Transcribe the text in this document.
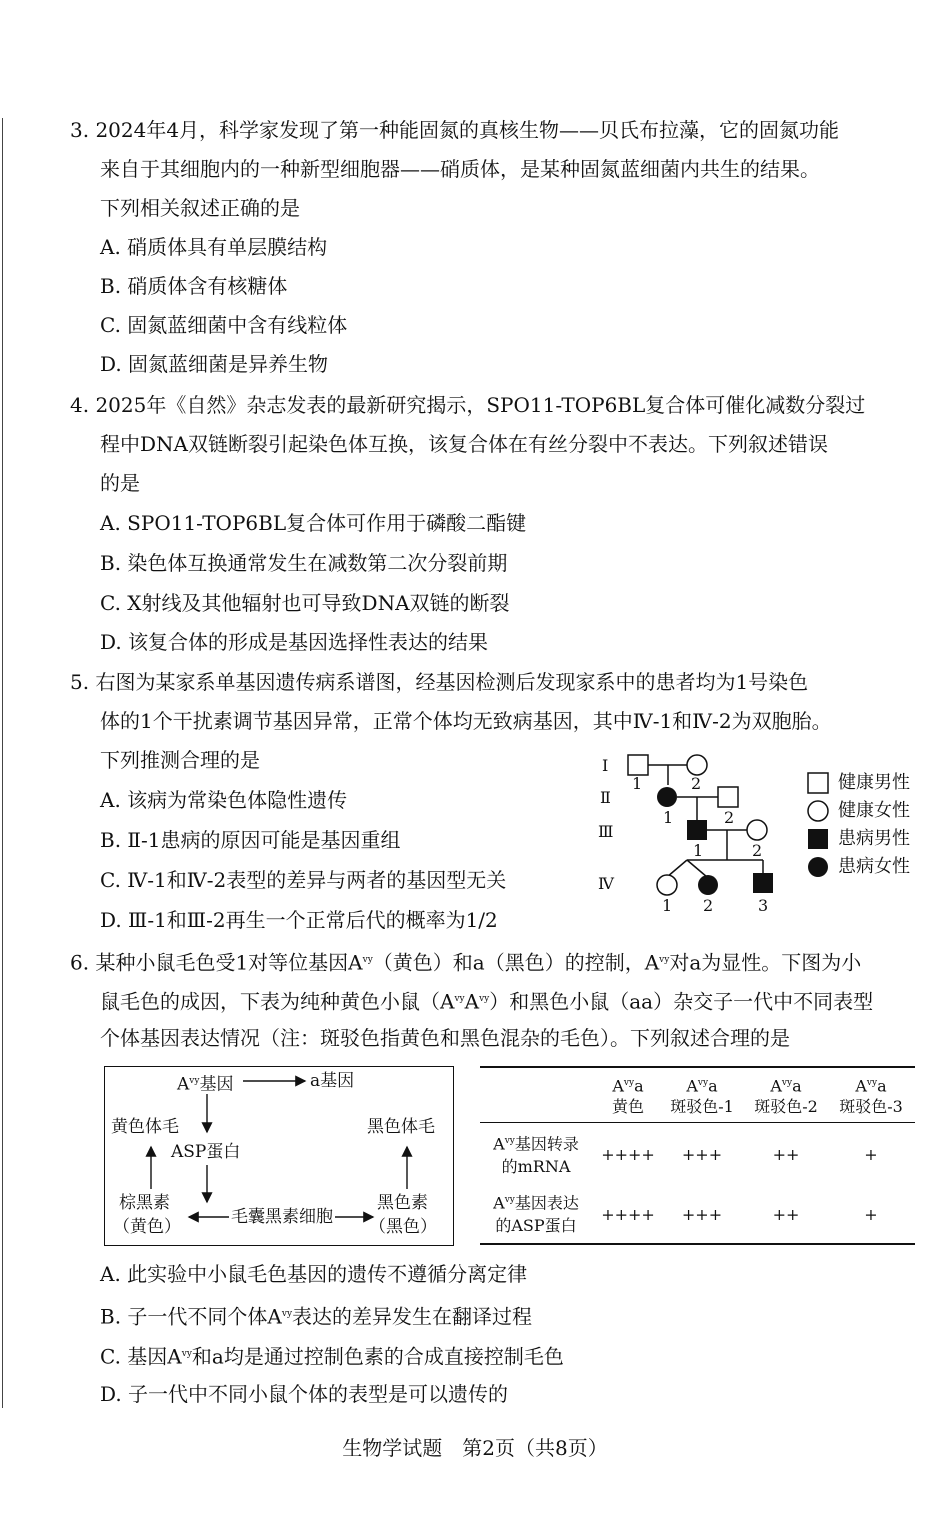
3. 2024年4月，科学家发现了第一种能固氮的真核生物——贝氏布拉藻，它的固氮功能
来自于其细胞内的一种新型细胞器——硝质体，是某种固氮蓝细菌内共生的结果。
下列相关叙述正确的是
A. 硝质体具有单层膜结构
B. 硝质体含有核糖体
C. 固氮蓝细菌中含有线粒体
D. 固氮蓝细菌是异养生物
4. 2025年《自然》杂志发表的最新研究揭示，SPO11-TOP6BL复合体可催化减数分裂过
程中DNA双链断裂引起染色体互换，该复合体在有丝分裂中不表达。下列叙述错误
的是
A. SPO11-TOP6BL复合体可作用于磷酸二酯键
B. 染色体互换通常发生在减数第二次分裂前期
C. X射线及其他辐射也可导致DNA双链的断裂
D. 该复合体的形成是基因选择性表达的结果
5. 右图为某家系单基因遗传病系谱图，经基因检测后发现家系中的患者均为1号染色
体的1个干扰素调节基因异常，正常个体均无致病基因，其中Ⅳ-1和Ⅳ-2为双胞胎。
下列推测合理的是
A. 该病为常染色体隐性遗传
B. Ⅱ-1患病的原因可能是基因重组
C. Ⅳ-1和Ⅳ-2表型的差异与两者的基因型无关
D. Ⅲ-1和Ⅲ-2再生一个正常后代的概率为1/2
Ⅰ
Ⅱ
Ⅲ
Ⅳ
1	2
1	2
1	2
1 2	3
健康男性
健康女性
患病男性
患病女性
6. 某种小鼠毛色受1对等位基因$A^{vy}$（黄色）和a（黑色）的控制，$A^{vy}$对a为显性。下图为小
鼠毛色的成因，下表为纯种黄色小鼠$(A^{vy}A^{vy})$和黑色小鼠（aa）杂交子一代中不同表型
个体基因表达情况（注：斑驳色指黄色和黑色混杂的毛色）。下列叙述合理的是
$A^{vy}$基因	a基因
黄色体毛	黑色体毛
ASP蛋白
棕黑素
（黄色）	毛囊黑素细胞
黑色素
（黑色）
$A^{vy}a$	$A^{vy}a$	$A^{vy}a$	$A^{vy}a$
黄色	斑驳色-1	斑驳色-2	斑驳色-3
$A^{vy}$基因转录
的mRNA
++++	+++	++	+
$A^{vy}$基因表达
的ASP蛋白
++++	+++	++	+
A. 此实验中小鼠毛色基因的遗传不遵循分离定律
B. 子一代不同个体$A^{vy}$表达的差异发生在翻译过程
C. 基因$A^{vy}$和a均是通过控制色素的合成直接控制毛色
D. 子一代中不同小鼠个体的表型是可以遗传的
生物学试题　第2页（共8页）
